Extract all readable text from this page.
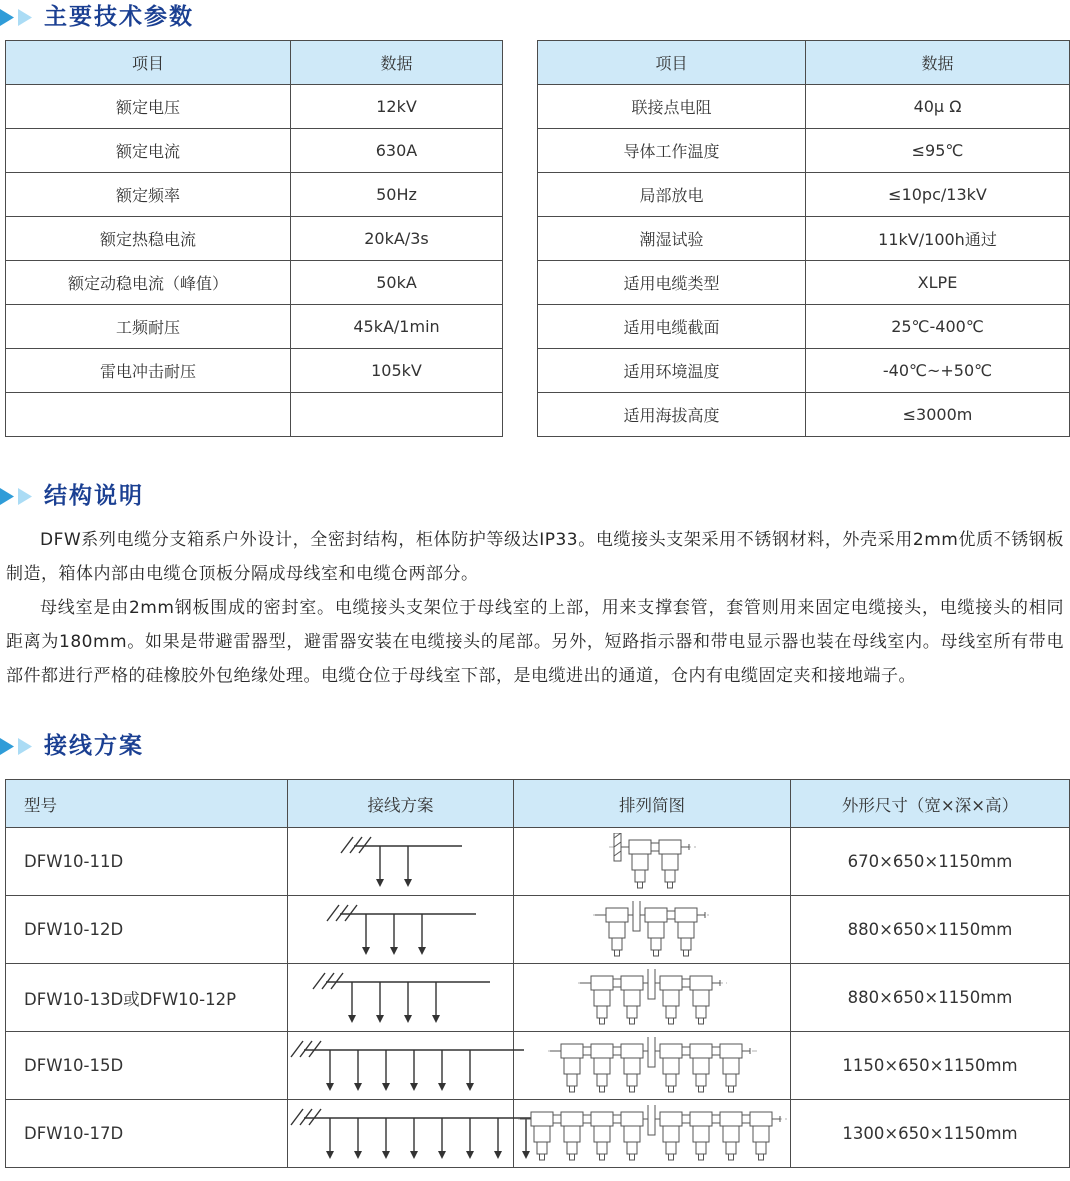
主要技术参数
项目	数据
额定电压	12kV
额定电流	630A
额定频率	50Hz
额定热稳电流	20kA/3s
额定动稳电流（峰值）	50kA
工频耐压	45kA/1min
雷电冲击耐压	105kV

项目	数据
联接点电阻	40μ Ω
导体工作温度	≤95℃
局部放电	≤10pc/13kV
潮湿试验	11kV/100h通过
适用电缆类型	XLPE
适用电缆截面	25℃-400℃
适用环境温度	-40℃~+50℃
适用海拔高度	≤3000m
结构说明

DFW系列电缆分支箱系户外设计，全密封结构，柜体防护等级达IP33。电缆接头支架采用不锈钢材料，外壳采用2mm优质不锈钢板制造，箱体内部由电缆仓顶板分隔成母线室和电缆仓两部分。

母线室是由2mm钢板围成的密封室。电缆接头支架位于母线室的上部，用来支撑套管，套管则用来固定电缆接头，电缆接头的相同距离为180mm。如果是带避雷器型，避雷器安装在电缆接头的尾部。另外，短路指示器和带电显示器也装在母线室内。母线室所有带电部件都进行严格的硅橡胶外包绝缘处理。电缆仓位于母线室下部，是电缆进出的通道，仓内有电缆固定夹和接地端子。

接线方案
型号	接线方案	排列简图	外形尺寸（宽×深×高）
DFW10-11D			670×650×1150mm
DFW10-12D			880×650×1150mm
DFW10-13D或DFW10-12P			880×650×1150mm
DFW10-15D			1150×650×1150mm
DFW10-17D			1300×650×1150mm
